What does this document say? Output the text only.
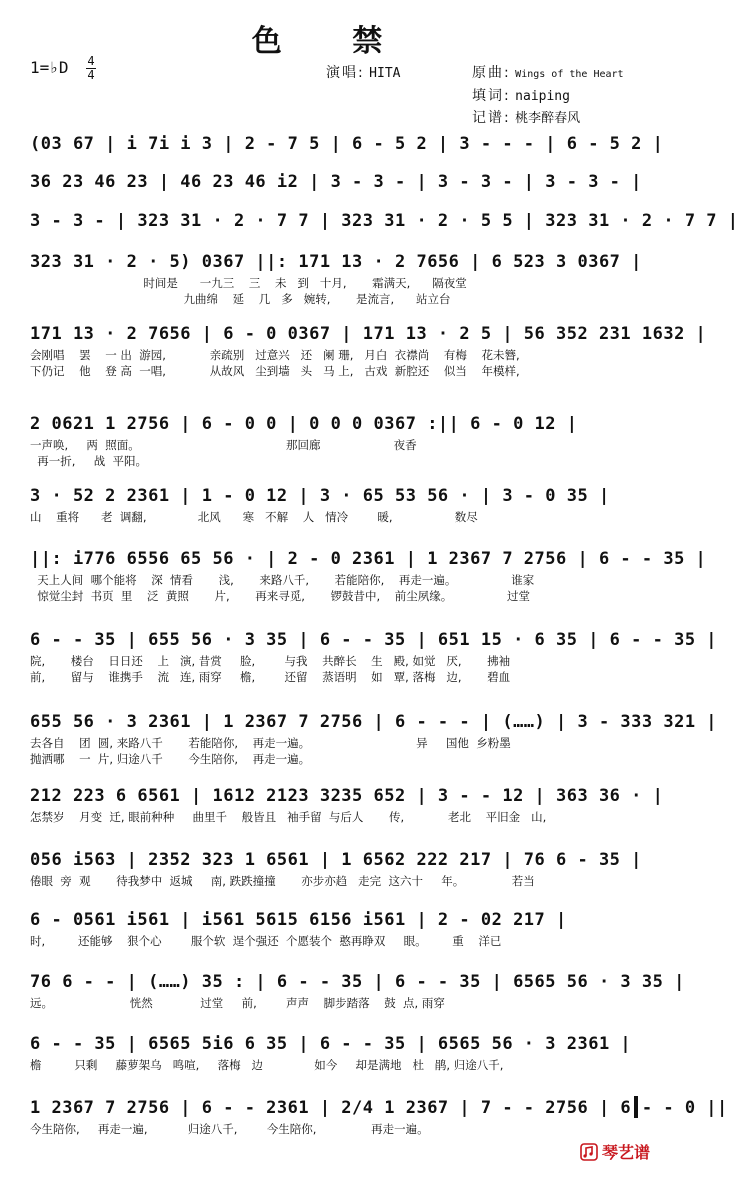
色 禁
1=♭D 4
4	演唱: HITA	原曲: Wings of the Heart
填词: naiping
记谱: 桃李醉春风
(03 67 | i 7i i 3 | 2 - 7 5 | 6 - 5 2 | 3 - - - | 6 - 5 2 |
36 23 46 23 | 46 23 46 i2 | 3 - 3 - | 3 - 3 - | 3 - 3 - |
3 - 3 - | 323 31 · 2 · 7 7 | 323 31 · 2 · 5 5 | 323 31 · 2 · 7 7 |
323 31 · 2 · 5) 0367 ||: 171 13 · 2 7656 | 6 523 3 0367 |
时间是      一九三    三    未   到   十月,       霜满天,      隔夜堂
九曲绵    延    几   多   婉转,       是流言,      站立台
171 13 · 2 7656 | 6 - 0 0367 | 171 13 · 2 5 | 56 352 231 1632 |
会刚唱    罢    一 出  游园,            亲疏别   过意兴   还   阑 珊,   月白  衣襟尚    有梅    花未簪,
下仍记    他    登 高  一唱,            从故风   尘到墙   头   马 上,   古戏  新腔还    似当    年模样,
2 0621 1 2756 | 6 - 0 0 | 0 0 0 0367 :|| 6 - 0 12 |
一声唤,     两  照面。                                        那回廊                    夜香
再一折,     战  平阳。
3 · 52 2 2361 | 1 - 0 12 | 3 · 65 53 56 · | 3 - 0 35 |
山    重将      老  调翻,              北风      寒   不解    人   情冷        暖,                 数尽
||: i776 6556 65 56 · | 2 - 0 2361 | 1 2367 7 2756 | 6 - - 35 |
天上人间  哪个能将    深  情看       浅,       来路八千,       若能陪你,    再走一遍。               谁家
惊觉尘封  书页  里    泛  黄照       片,       再来寻觅,       锣鼓昔中,    前尘夙缘。               过堂
6 - - 35 | 655 56 · 3 35 | 6 - - 35 | 651 15 · 6 35 | 6 - - 35 |
院,       楼台    日日还    上   演, 昔赏     脸,        与我    共醉长    生   殿, 如觉   厌,       拂袖
前,       留与    谁携手    流   连, 雨穿     檐,        还留    蒸语明    如   覃, 落梅   边,       碧血
655 56 · 3 2361 | 1 2367 7 2756 | 6 - - - | (……) | 3 - 333 321 |
去各自    团  圆, 来路八千       若能陪你,    再走一遍。                             异     国他  乡粉墨
抛洒哪    一  片, 归途八千       今生陪你,    再走一遍。
212 223 6 6561 | 1612 2123 3235 652 | 3 - - 12 | 363 36 · |
怎禁岁    月变  迁, 眼前种种     曲里千    般皆且   袖手留  与后人       传,            老北    平旧金   山,
056 i563 | 2352 323 1 6561 | 1 6562 222 217 | 76 6 - 35 |
倦眼  旁  观       待我梦中  返城     南, 跌跌撞撞       亦步亦趋   走完  这六十     年。             若当
6 - 0561 i561 | i561 5615 6156 i561 | 2 - 02 217 |
时,         还能够    狠个心        服个软  逞个强还  个愿装个  憨再睁双     眼。       重    洋已
76 6 - - | (……) 35 : | 6 - - 35 | 6 - - 35 | 6565 56 · 3 35 |
远。                     恍然             过堂     前,        声声    脚步踏落    鼓  点, 雨穿
6 - - 35 | 6565 5i6 6 35 | 6 - - 35 | 6565 56 · 3 2361 |
檐         只剩     藤萝架乌   鸣喧,     落梅   边              如今     却是满地   杜   鹃, 归途八千,
1 2367 7 2756 | 6 - - 2361 | 2/4 1 2367 | 7 - - 2756 | 6 - - 0 ||
今生陪你,     再走一遍,           归途八千,        今生陪你,               再走一遍。
琴艺谱
